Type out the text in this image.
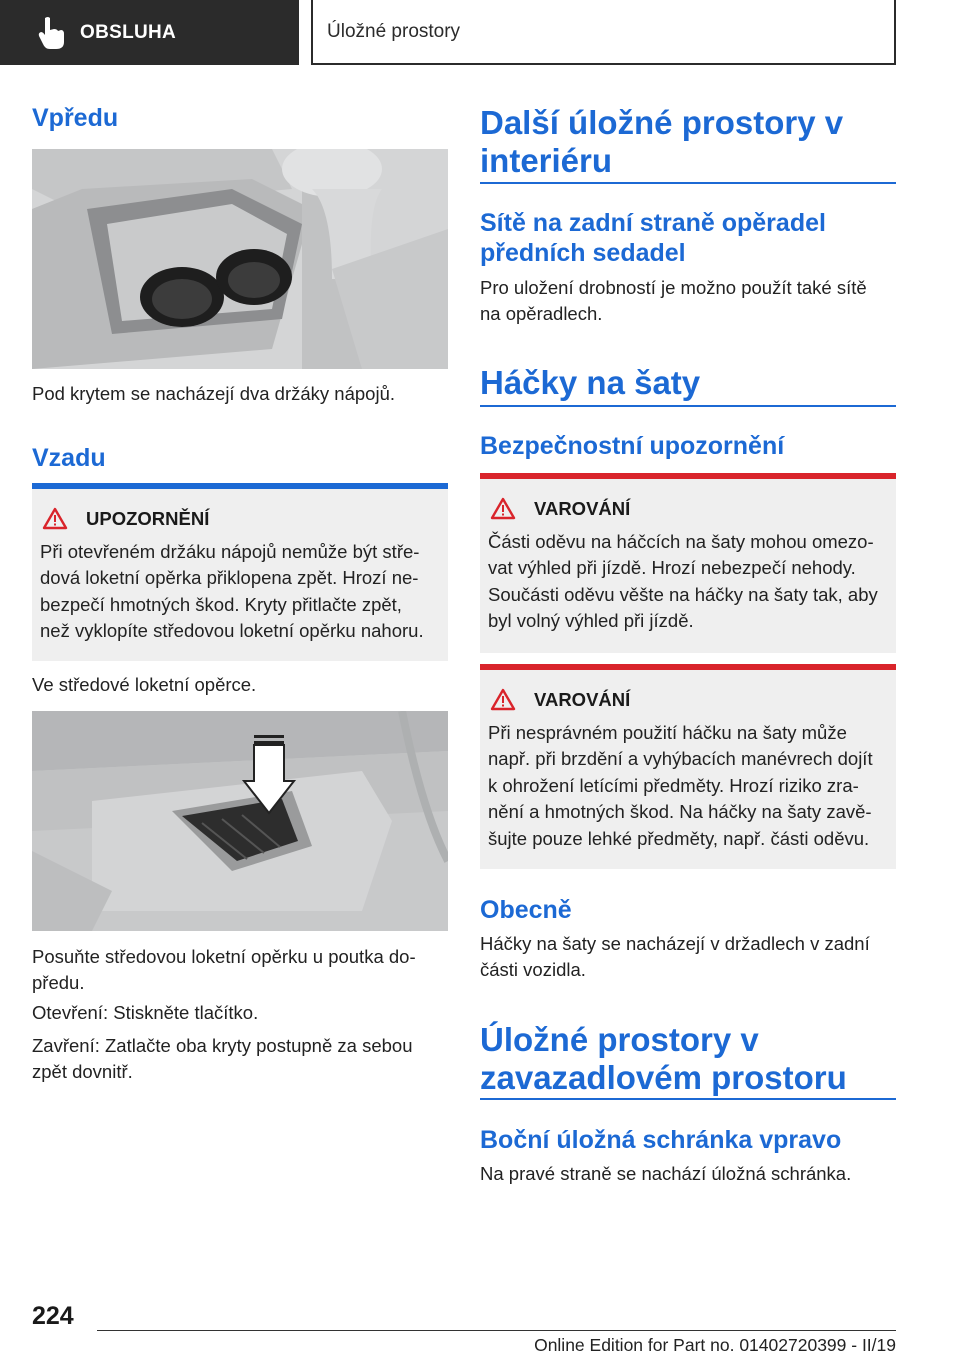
OBSLUHA	Úložné prostory
Vpředu
Pod krytem se nacházejí dva držáky nápojů.
Vzadu
UPOZORNĚNÍ
Při otevřeném držáku nápojů nemůže být stře-
dová loketní opěrka přiklopena zpět. Hrozí ne-
bezpečí hmotných škod. Kryty přitlačte zpět,
než vyklopíte středovou loketní opěrku nahoru.
Ve středové loketní opěrce.
Posuňte středovou loketní opěrku u poutka do-
předu.
Otevření: Stiskněte tlačítko.
Zavření: Zatlačte oba kryty postupně za sebou
zpět dovnitř.
Další úložné prostory v
interiéru
Sítě na zadní straně opěradel
předních sedadel
Pro uložení drobností je možno použít také sítě
na opěradlech.
Háčky na šaty
Bezpečnostní upozornění
VAROVÁNÍ
Části oděvu na háčcích na šaty mohou omezo-
vat výhled při jízdě. Hrozí nebezpečí nehody.
Součásti oděvu věšte na háčky na šaty tak, aby
byl volný výhled při jízdě.
VAROVÁNÍ
Při nesprávném použití háčku na šaty může
např. při brzdění a vyhýbacích manévrech dojít
k ohrožení letícími předměty. Hrozí riziko zra-
nění a hmotných škod. Na háčky na šaty zavě-
šujte pouze lehké předměty, např. části oděvu.
Obecně
Háčky na šaty se nacházejí v držadlech v zadní
části vozidla.
Úložné prostory v
zavazadlovém prostoru
Boční úložná schránka vpravo
Na pravé straně se nachází úložná schránka.
224
Online Edition for Part no. 01402720399 - II/19
